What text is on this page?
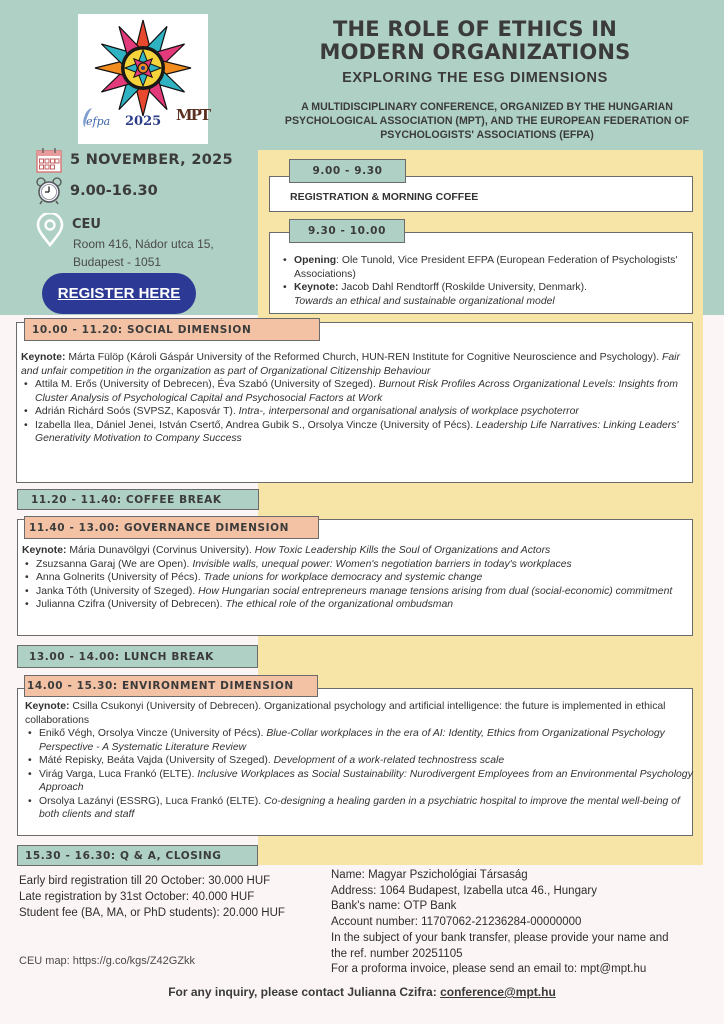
efpa 2025 MPT
THE ROLE OF ETHICS IN
MODERN ORGANIZATIONS
EXPLORING THE ESG DIMENSIONS
A MULTIDISCIPLINARY CONFERENCE, ORGANIZED BY THE HUNGARIAN PSYCHOLOGICAL ASSOCIATION (MPT), AND THE EUROPEAN FEDERATION OF PSYCHOLOGISTS' ASSOCIATIONS (EFPA)
5 NOVEMBER, 2025
9.00-16.30
CEU
Room 416, Nádor utca 15,
Budapest - 1051
REGISTER HERE
REGISTRATION & MORNING COFFEE
9.00 - 9.30
• Opening: Ole Tunold, Vice President EFPA (European Federation of Psychologists' Associations)
• Keynote: Jacob Dahl Rendtorff (Roskilde University, Denmark).
Towards an ethical and sustainable organizational model
9.30 - 10.00
Keynote: Márta Fülöp (Károli Gáspár University of the Reformed Church, HUN-REN Institute for Cognitive Neuroscience and Psychology). Fair and unfair competition in the organization as part of Organizational Citizenship Behaviour
• Attila M. Erős (University of Debrecen), Éva Szabó (University of Szeged). Burnout Risk Profiles Across Organizational Levels: Insights from Cluster Analysis of Psychological Capital and Psychosocial Factors at Work
• Adrián Richárd Soós (SVPSZ, Kaposvár T). Intra-, interpersonal and organisational analysis of workplace psychoterror
• Izabella Ilea, Dániel Jenei, István Csertő, Andrea Gubik S., Orsolya Vincze (University of Pécs). Leadership Life Narratives: Linking Leaders' Generativity Motivation to Company Success
10.00 - 11.20: SOCIAL DIMENSION
11.20 - 11.40: COFFEE BREAK
Keynote: Mária Dunavölgyi (Corvinus University). How Toxic Leadership Kills the Soul of Organizations and Actors
• Zsuzsanna Garaj (We are Open). Invisible walls, unequal power: Women's negotiation barriers in today's workplaces
• Anna Golnerits (University of Pécs). Trade unions for workplace democracy and systemic change
• Janka Tóth (University of Szeged). How Hungarian social entrepreneurs manage tensions arising from dual (social-economic) commitment
• Julianna Czifra (University of Debrecen). The ethical role of the organizational ombudsman
11.40 - 13.00: GOVERNANCE DIMENSION
13.00 - 14.00: LUNCH BREAK
Keynote: Csilla Csukonyi (University of Debrecen). Organizational psychology and artificial intelligence: the future is implemented in ethical collaborations
• Enikő Végh, Orsolya Vincze (University of Pécs). Blue-Collar workplaces in the era of AI: Identity, Ethics from Organizational Psychology Perspective - A Systematic Literature Review
• Máté Repisky, Beáta Vajda (University of Szeged). Development of a work-related technostress scale
• Virág Varga, Luca Frankó (ELTE). Inclusive Workplaces as Social Sustainability: Nurodivergent Employees from an Environmental Psychology Approach
• Orsolya Lazányi (ESSRG), Luca Frankó (ELTE). Co-designing a healing garden in a psychiatric hospital to improve the mental well-being of both clients and staff
14.00 - 15.30: ENVIRONMENT DIMENSION
15.30 - 16.30: Q & A, CLOSING
Early bird registration till 20 October: 30.000 HUF
Late registration by 31st October: 40.000 HUF
Student fee (BA, MA, or PhD students): 20.000 HUF
CEU map: https://g.co/kgs/Z42GZkk
Name: Magyar Pszichológiai Társaság
Address: 1064 Budapest, Izabella utca 46., Hungary
Bank's name: OTP Bank
Account number: 11707062-21236284-00000000
In the subject of your bank transfer, please provide your name and
the ref. number 20251105
For a proforma invoice, please send an email to: mpt@mpt.hu
For any inquiry, please contact Julianna Czifra: conference@mpt.hu
